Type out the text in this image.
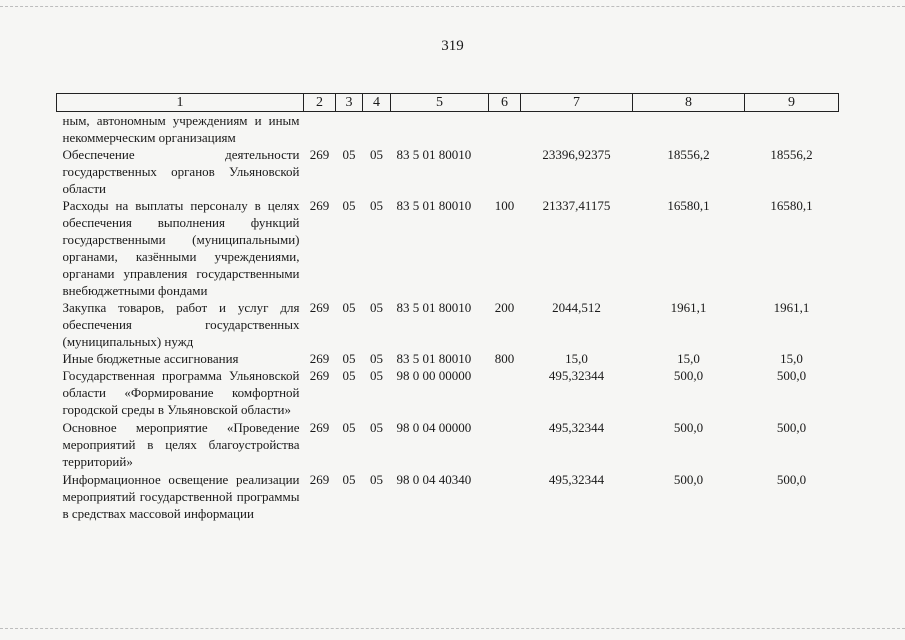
319
1	2	3	4	5	6	7	8	9
ным, автономным учреждениям и иным некоммерческим организациям								
Обеспечение деятельности государственных органов Ульяновской области	269	05	05	83 5 01 80010		23396,92375	18556,2	18556,2
Расходы на выплаты персоналу в целях обеспечения выполнения функций государственными (муниципальными) органами, казёнными учреждениями, органами управления государственными внебюджетными фондами	269	05	05	83 5 01 80010	100	21337,41175	16580,1	16580,1
Закупка товаров, работ и услуг для обеспечения государственных (муниципальных) нужд	269	05	05	83 5 01 80010	200	2044,512	1961,1	1961,1
Иные бюджетные ассигнования	269	05	05	83 5 01 80010	800	15,0	15,0	15,0
Государственная программа Ульяновской области «Формирование комфортной городской среды в Ульяновской области»	269	05	05	98 0 00 00000		495,32344	500,0	500,0
Основное мероприятие «Проведение мероприятий в целях благоустройства территорий»	269	05	05	98 0 04 00000		495,32344	500,0	500,0
Информационное освещение реализации мероприятий государственной программы в средствах массовой информации	269	05	05	98 0 04 40340		495,32344	500,0	500,0
